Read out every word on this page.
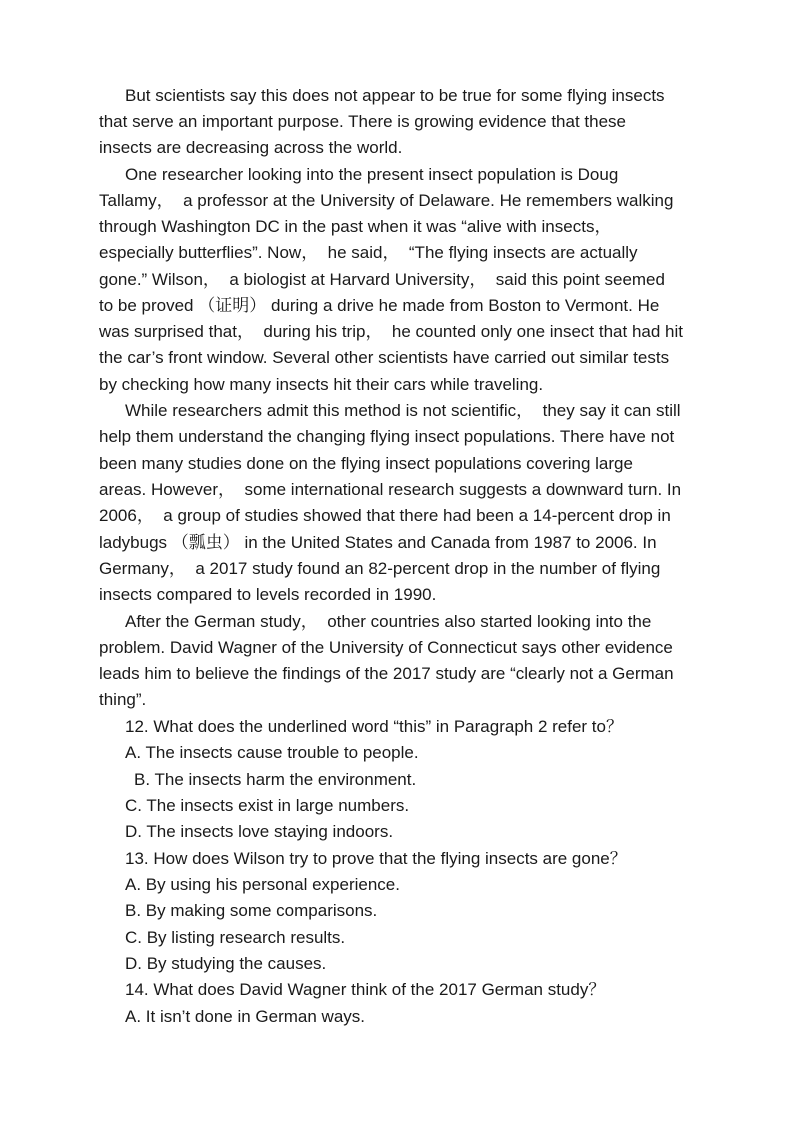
But scientists say this does not appear to be true for some flying insects
that serve an important purpose. There is growing evidence that these
insects are decreasing across the world.
One researcher looking into the present insect population is Doug
Tallamy，  a professor at the University of Delaware. He remembers walking
through Washington DC in the past when it was “alive with insects，
especially butterflies”. Now，  he said，  “The flying insects are actually
gone.” Wilson，  a biologist at Harvard University，  said this point seemed
to be proved （证明） during a drive he made from Boston to Vermont. He
was surprised that，  during his trip，  he counted only one insect that had hit
the car’s front window. Several other scientists have carried out similar tests
by checking how many insects hit their cars while traveling.
While researchers admit this method is not scientific，  they say it can still
help them understand the changing flying insect populations. There have not
been many studies done on the flying insect populations covering large
areas. However，  some international research suggests a downward turn. In
2006，  a group of studies showed that there had been a 14-percent drop in
ladybugs （瓢虫） in the United States and Canada from 1987 to 2006. In
Germany，  a 2017 study found an 82-percent drop in the number of flying
insects compared to levels recorded in 1990.
After the German study，  other countries also started looking into the
problem. David Wagner of the University of Connecticut says other evidence
leads him to believe the findings of the 2017 study are “clearly not a German
thing”.
12. What does the underlined word “this” in Paragraph 2 refer to？
A. The insects cause trouble to people.
B. The insects harm the environment.
C. The insects exist in large numbers.
D. The insects love staying indoors.
13. How does Wilson try to prove that the flying insects are gone？
A. By using his personal experience.
B. By making some comparisons.
C. By listing research results.
D. By studying the causes.
14. What does David Wagner think of the 2017 German study？
A. It isn’t done in German ways.
